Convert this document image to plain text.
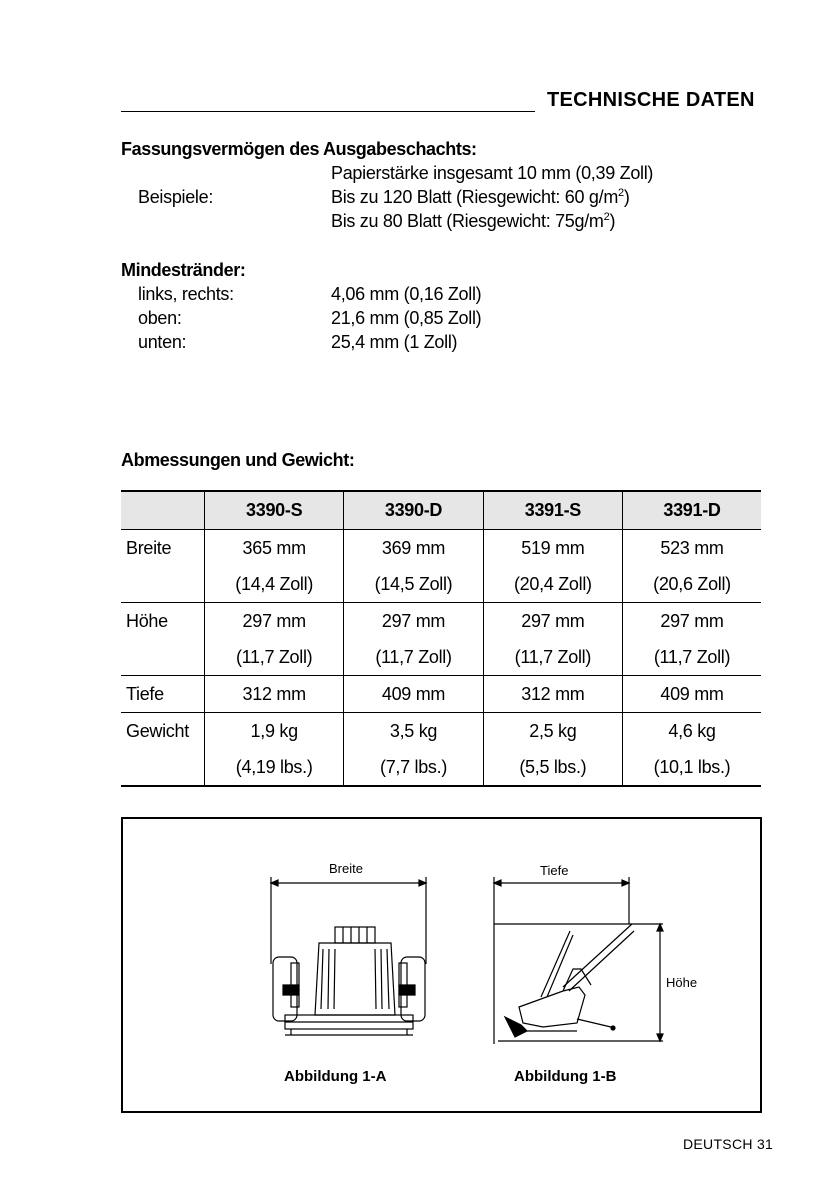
TECHNISCHE DATEN
Fassungsvermögen des Ausgabeschachts:
Papierstärke insgesamt 10 mm (0,39 Zoll)
Beispiele:	Bis zu 120 Blatt (Riesgewicht: 60 $g/m^2$)
Bis zu 80 Blatt (Riesgewicht: $75g/m^2$)
Mindestränder:
links, rechts:	4,06 mm (0,16 Zoll)
oben:	21,6 mm (0,85 Zoll)
unten:	25,4 mm (1 Zoll)
Abmessungen und Gewicht:
	3390-S	3390-D	3391-S	3391-D
Breite	365 mm	369 mm	519 mm	523 mm
	(14,4 Zoll)	(14,5 Zoll)	(20,4 Zoll)	(20,6 Zoll)
Höhe	297 mm	297 mm	297 mm	297 mm
	(11,7 Zoll)	(11,7 Zoll)	(11,7 Zoll)	(11,7 Zoll)
Tiefe	312 mm	409 mm	312 mm	409 mm
Gewicht	1,9 kg	3,5 kg	2,5 kg	4,6 kg
	(4,19 lbs.)	(7,7 lbs.)	(5,5 lbs.)	(10,1 lbs.)
Breite	Tiefe
Höhe
Abbildung 1-A	Abbildung 1-B
DEUTSCH 31
